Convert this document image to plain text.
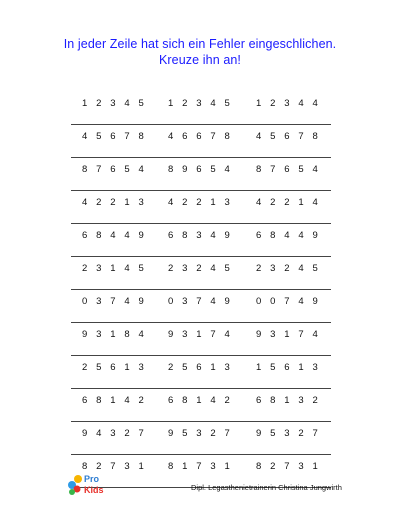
In jeder Zeile hat sich ein Fehler eingeschlichen.
Kreuze ihn an!
1 2 3 4 5	1 2 3 4 5	1 2 3 4 4
4 5 6 7 8	4 6 6 7 8	4 5 6 7 8
8 7 6 5 4	8 9 6 5 4	8 7 6 5 4
4 2 2 1 3	4 2 2 1 3	4 2 2 1 4
6 8 4 4 9	6 8 3 4 9	6 8 4 4 9
2 3 1 4 5	2 3 2 4 5	2 3 2 4 5
0 3 7 4 9	0 3 7 4 9	0 0 7 4 9
9 3 1 8 4	9 3 1 7 4	9 3 1 7 4
2 5 6 1 3	2 5 6 1 3	1 5 6 1 3
6 8 1 4 2	6 8 1 4 2	6 8 1 3 2
9 4 3 2 7	9 5 3 2 7	9 5 3 2 7
8 2 7 3 1	8 1 7 3 1	8 2 7 3 1
Pro
Kids	Dipl. Legasthenietrainerin Christina Jungwirth
